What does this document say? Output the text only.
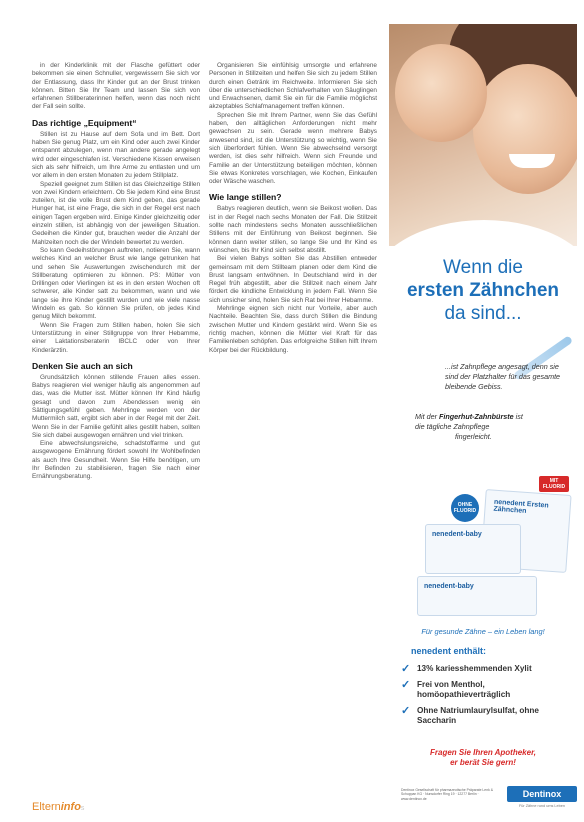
in der Kinderklinik mit der Flasche gefüttert oder bekommen sie einen Schnuller, vergewissern Sie sich vor der Entlassung, dass Ihr Kinder gut an der Brust trinken können. Bitten Sie Ihr Team und lassen Sie sich von erfahrenen Stillberaterinnen helfen, wenn das noch nicht der Fall sein sollte.

Das richtige „Equipment“

Stillen ist zu Hause auf dem Sofa und im Bett. Dort haben Sie genug Platz, um ein Kind oder auch zwei Kinder entspannt abzulegen, wenn man andere gerade angelegt wird oder eingeschlafen ist. Verschiedene Kissen erweisen sich als sehr hilfreich, um Ihre Arme zu entlasten und um vor allem in den ersten Monaten zu jedem Stillplatz.

Speziell geeignet zum Stillen ist das Gleichzeitige Stillen von zwei Kindern erleichtern. Ob Sie jedem Kind eine Brust zuteilen, ist die volle Brust dem Kind geben, das gerade Hunger hat, ist eine Frage, die sich in der Regel erst nach einigen Tagen ergeben wird. Einige Kinder gleichzeitig oder einzeln stillen, ist abhängig von der jeweiligen Situation. Gedeihen die Kinder gut, brauchen weder die Anzahl der Mahlzeiten noch die der Windeln bewertet zu werden.

So kann Gedeihstörungen auftreten, notieren Sie, wann welches Kind an welcher Brust wie lange getrunken hat und sehen Sie Auswertungen zwischendurch mit der Stillberatung optimieren zu können. PS: Mütter von Drillingen oder Vierlingen ist es in den ersten Wochen oft schwerer, alle Kinder satt zu bekommen, wann und wie lange sie ihre Kinder gestillt wurden und wie viele nasse Windeln es gab. So können Sie prüfen, ob jedes Kind genug Milch bekommt.

Wenn Sie Fragen zum Stillen haben, holen Sie sich Unterstützung in einer Stillgruppe von Ihrer Hebamme, einer Laktationsberaterin IBCLC oder von Ihrer Kinderärztin.

Denken Sie auch an sich

Grundsätzlich können stillende Frauen alles essen. Babys reagieren viel weniger häufig als angenommen auf das, was die Mutter isst. Mütter können Ihr Kind häufig gesagt und davon zum Abendessen wenig ein Sättigungsgefühl geben. Mehrlinge werden von der Muttermilch satt, ergibt sich aber in der Regel mit der Zeit. Wenn Sie in der Familie gefühlt alles gestillt haben, sollten Sie sich dabei ausgewogen ernähren und viel trinken.

Eine abwechslungsreiche, schadstoffarme und gut ausgewogene Ernährung fördert sowohl Ihr Wohlbefinden als auch Ihre Gesundheit. Wenn Sie Hilfe benötigen, um Ihr Befinden zu stabilisieren, fragen Sie nach einer Ernährungsberatung.

Organisieren Sie einfühlsig umsorgte und erfahrene Personen in Stillzeiten und helfen Sie sich zu jedem Stillen durch einen Getränk im Reichweite. Informieren Sie sich über die unterschiedlichen Schlafverhalten von Säuglingen und Erwachsenen, damit Sie ein für die Familie möglichst akzeptables Schlafmanagement treffen können.

Sprechen Sie mit Ihrem Partner, wenn Sie das Gefühl haben, den alltäglichen Anforderungen nicht mehr gewachsen zu sein. Gerade wenn mehrere Babys anwesend sind, ist die Unterstützung so wichtig, wenn Sie sich überfordert fühlen. Wenn Sie abwechselnd versorgt werden, ist dies sehr hilfreich. Wenn sich Freunde und Familie an der Unterstützung beteiligen möchten, können Sie etwas Konkretes vorschlagen, wie Kochen, Einkaufen oder Wäsche waschen.

Wie lange stillen?

Babys reagieren deutlich, wenn sie Beikost wollen. Das ist in der Regel nach sechs Monaten der Fall. Die Stillzeit sollte nach mindestens sechs Monaten ausschließlichen Stillens mit der Einführung von Beikost beginnen. Sie können dann weiter stillen, so lange Sie und Ihr Kind es wünschen, bis Ihr Kind sich selbst abstillt.

Bei vielen Babys sollten Sie das Abstillen entweder gemeinsam mit dem Stillteam planen oder dem Kind die Brust langsam entwöhnen. In Deutschland wird in der Regel früh abgestillt, aber die Stillzeit nach einem Jahr fördert die kindliche Entwicklung in jedem Fall. Wenn Sie sich unsicher sind, holen Sie sich Rat bei Ihrer Hebamme.

Mehrlinge eignen sich nicht nur Vorteile, aber auch Nachteile. Beachten Sie, dass durch Stillen die Bindung zwischen Mutter und Kindern gestärkt wird. Wenn Sie es richtig machen, können die Mütter viel Kraft für das Familienleben schöpfen. Das erfolgreiche Stillen hilft Ihrem Körper bei der Rückbildung.

Wenn die
ersten Zähnchen
da sind...
...ist Zahnpflege angesagt, denn sie sind der Platzhalter für das gesamte bleibende Gebiss.
Mit der Fingerhut-Zahnbürste ist die tägliche Zahnpflege
fingerleicht.
nenedent Ersten Zähnchen
nenedent-baby
nenedent-baby
OHNE FLUORID
MIT FLUORID
Für gesunde Zähne – ein Leben lang!
nenedent enthält:
✓ 13% kariesshemmenden Xylit
✓ Frei von Menthol, homöopathieverträglich
✓ Ohne Natriumlaurylsulfat, ohne Saccharin
Fragen Sie Ihren Apotheker,
er berät Sie gern!
Dentinox Gesellschaft für pharmazeutische Präparate Lenk & Schuppan KG · Nunsdorfer Ring 19 · 12277 Berlin · www.dentinox.de	Dentinox
Für Zähne rund ums Leben
Elterninfos
